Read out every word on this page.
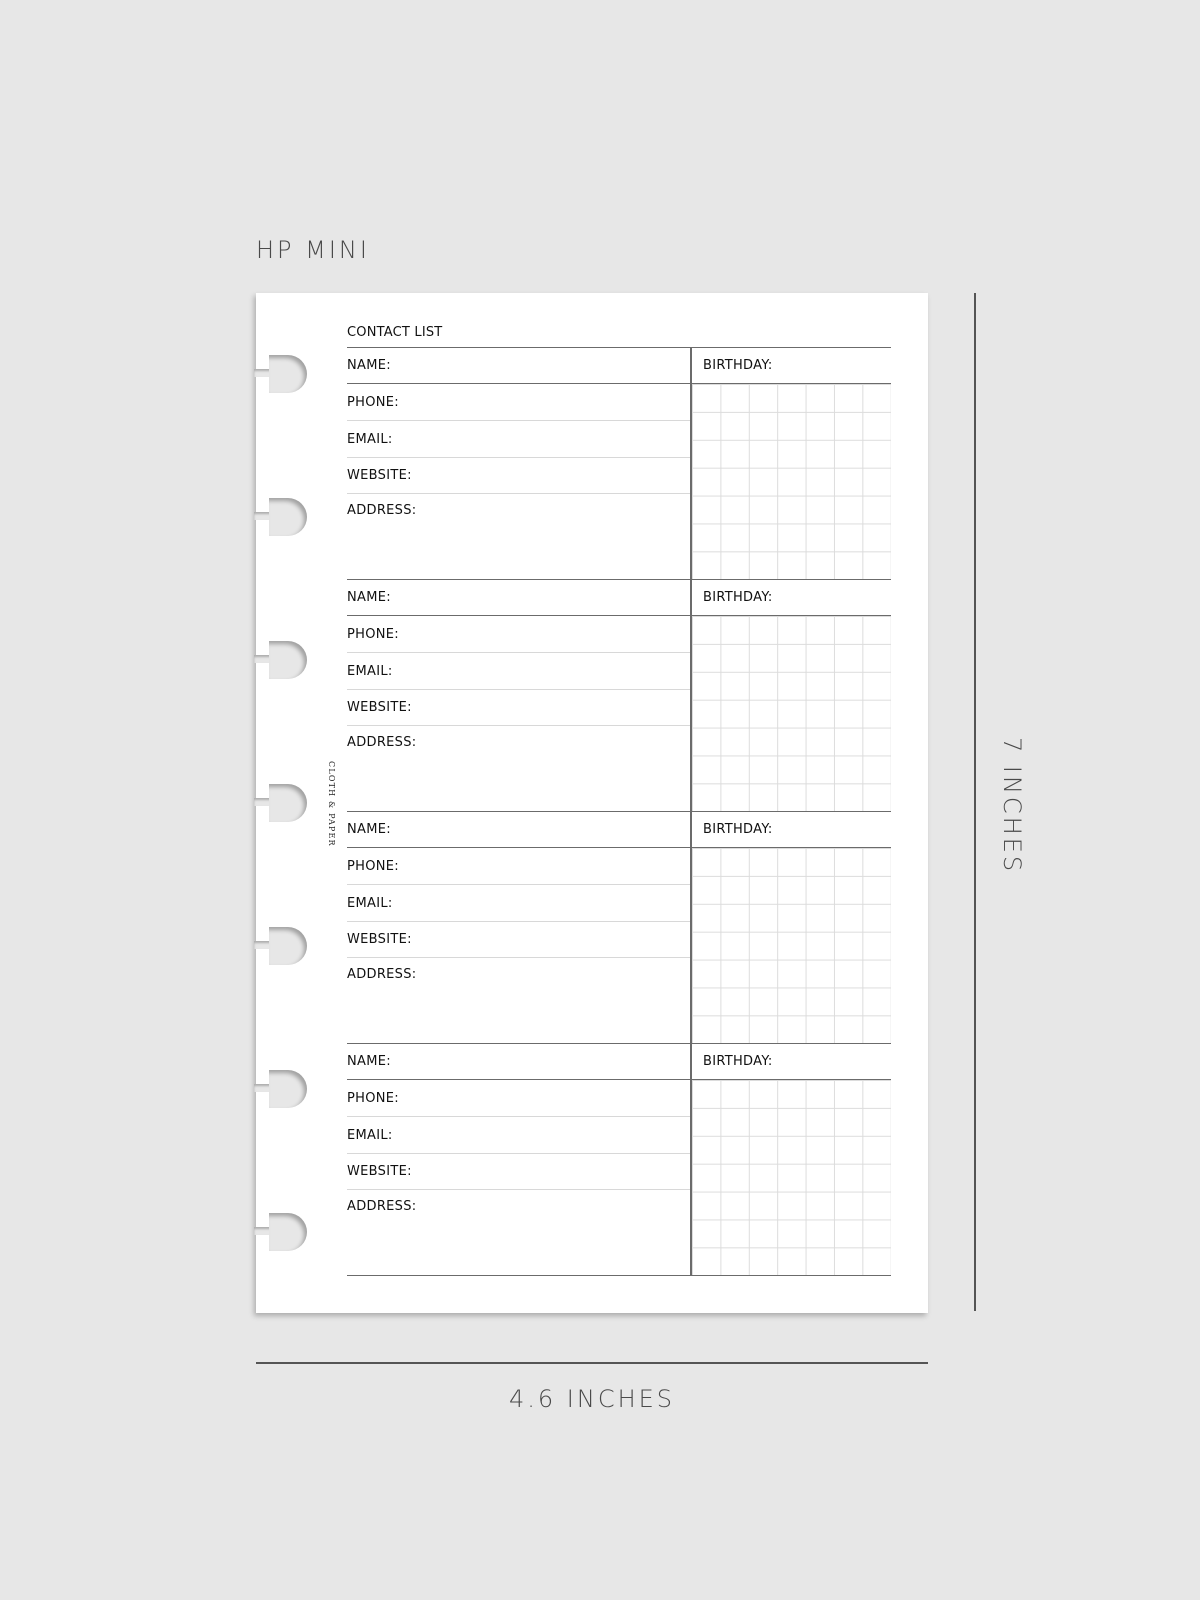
HP MINI
CLOTH & PAPER
CONTACT LIST
NAME:	BIRTHDAY:
PHONE:
EMAIL:
WEBSITE:
ADDRESS:
NAME:	BIRTHDAY:
PHONE:
EMAIL:
WEBSITE:
ADDRESS:
NAME:	BIRTHDAY:
PHONE:
EMAIL:
WEBSITE:
ADDRESS:
NAME:	BIRTHDAY:
PHONE:
EMAIL:
WEBSITE:
ADDRESS:
7 INCHES
4.6 INCHES
